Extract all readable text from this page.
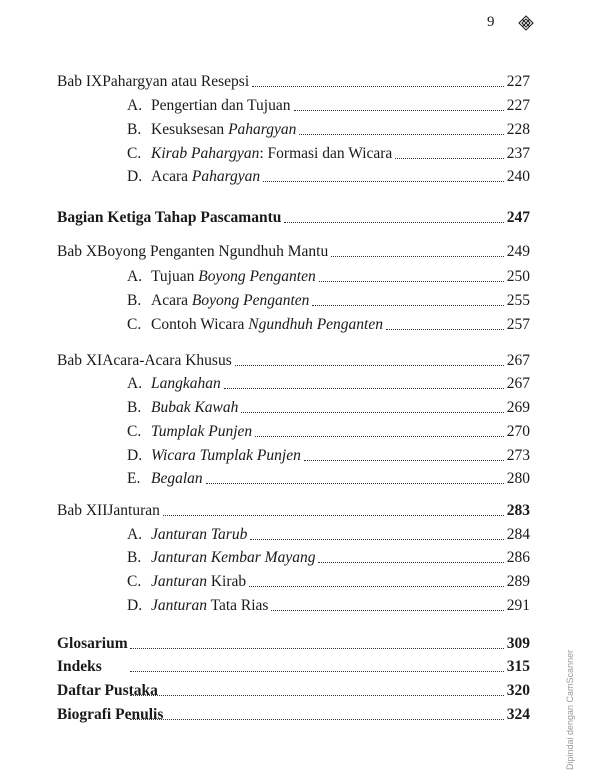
9
Bab IXPahargyan atau Resepsi	227
A. Pengertian dan Tujuan	227
B. Kesuksesan Pahargyan	228
C. Kirab Pahargyan: Formasi dan Wicara	237
D. Acara Pahargyan	240
Bagian Ketiga Tahap Pascamantu	247
Bab XBoyong Penganten Ngundhuh Mantu	249
A. Tujuan Boyong Penganten	250
B. Acara Boyong Penganten	255
C. Contoh Wicara Ngundhuh Penganten	257
Bab XIAcara-Acara Khusus	267
A. Langkahan	267
B. Bubak Kawah	269
C. Tumplak Punjen	270
D. Wicara Tumplak Punjen	273
E. Begalan	280
Bab XIIJanturan	283
A. Janturan Tarub	284
B. Janturan Kembar Mayang	286
C. Janturan Kirab	289
D. Janturan Tata Rias	291
Glosarium	309
Indeks	315
Daftar Pustaka	320
Biografi Penulis	324	Dipindai dengan CamScanner
